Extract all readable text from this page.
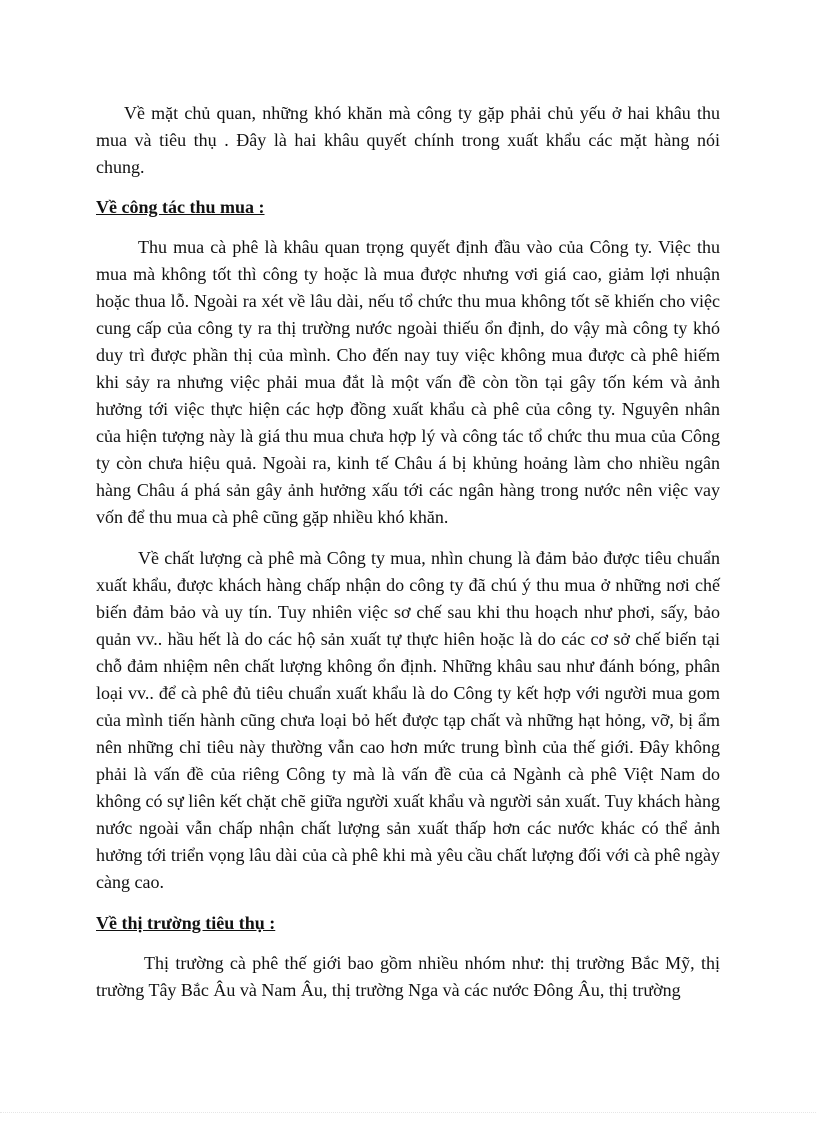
Về mặt chủ quan, những khó khăn mà công ty gặp phải chủ yếu ở hai khâu thu mua và tiêu thụ . Đây là hai khâu quyết chính trong xuất khẩu các mặt hàng nói chung.

Về công tác thu mua :

Thu mua cà phê là khâu quan trọng quyết định đầu vào của Công ty. Việc thu mua mà không tốt thì công ty hoặc là mua được nhưng vơi giá cao, giảm lợi nhuận hoặc thua lỗ. Ngoài ra xét về lâu dài, nếu tổ chức thu mua không tốt sẽ khiến cho việc cung cấp của công ty ra thị trường nước ngoài thiếu ổn định, do vậy mà công ty khó duy trì được phần thị của mình. Cho đến nay tuy việc không mua được cà phê hiếm khi sảy ra nhưng việc phải mua đắt là một vấn đề còn tồn tại gây tốn kém và ảnh hưởng tới việc thực hiện các hợp đồng xuất khẩu cà phê của công ty. Nguyên nhân của hiện tượng này là giá thu mua chưa hợp lý và công tác tổ chức thu mua của Công ty còn chưa hiệu quả. Ngoài ra, kinh tế Châu á bị khủng hoảng làm cho nhiều ngân hàng Châu á phá sản gây ảnh hưởng xấu tới các ngân hàng trong nước nên việc vay vốn để thu mua cà phê cũng gặp nhiều khó khăn.

Về chất lượng cà phê mà Công ty mua, nhìn chung là đảm bảo được tiêu chuẩn xuất khẩu, được khách hàng chấp nhận do công ty đã chú ý thu mua ở những nơi chế biến đảm bảo và uy tín. Tuy nhiên việc sơ chế sau khi thu hoạch như phơi, sấy, bảo quản vv.. hầu hết là do các hộ sản xuất tự thực hiên hoặc là do các cơ sở chế biến tại chỗ đảm nhiệm nên chất lượng không ổn định. Những khâu sau như đánh bóng, phân loại vv.. để cà phê đủ tiêu chuẩn xuất khẩu là do Công ty kết hợp với người mua gom của mình tiến hành cũng chưa loại bỏ hết được tạp chất và những hạt hỏng, vỡ, bị ẩm nên những chỉ tiêu này thường vẫn cao hơn mức trung bình của thế giới. Đây không phải là vấn đề của riêng Công ty mà là vấn đề của cả Ngành cà phê Việt Nam do không có sự liên kết chặt chẽ giữa người xuất khẩu và người sản xuất. Tuy khách hàng nước ngoài vẫn chấp nhận chất lượng sản xuất thấp hơn các nước khác có thể ảnh hưởng tới triển vọng lâu dài của cà phê khi mà yêu cầu chất lượng đối với cà phê ngày càng cao.

Về thị trường tiêu thụ :

Thị trường cà phê thế giới bao gồm nhiều nhóm như: thị trường Bắc Mỹ, thị trường Tây Bắc Âu và Nam Âu, thị trường Nga và các nước Đông Âu, thị trường
